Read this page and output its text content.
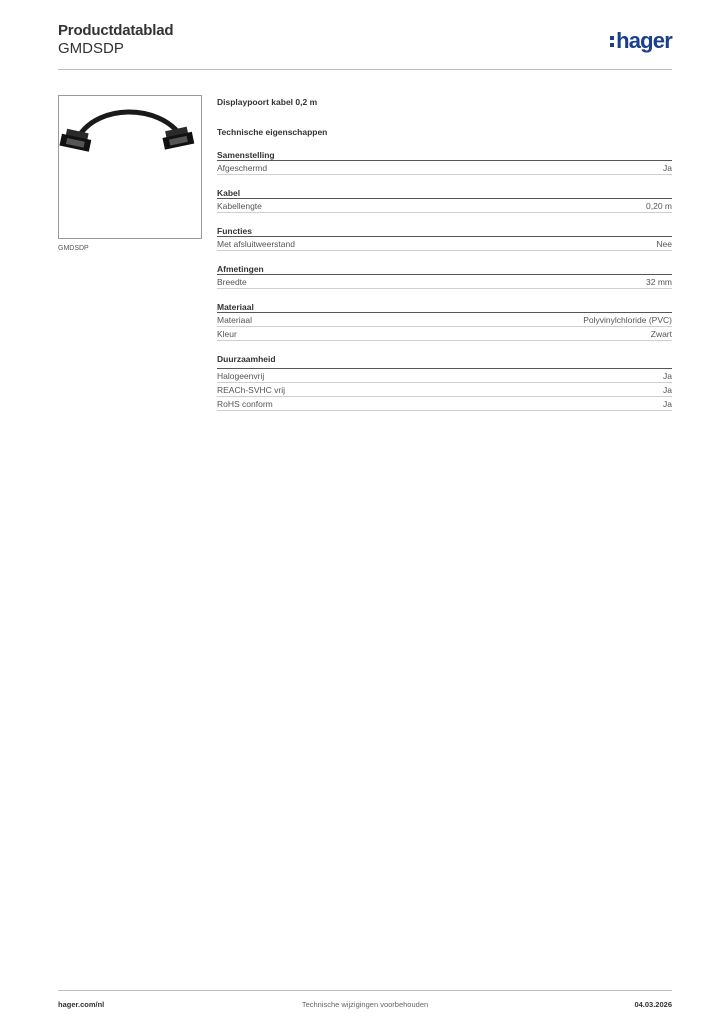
Productdatablad
GMDSDP	hager
GMDSDP
Displaypoort kabel 0,2 m
Technische eigenschappen
Samenstelling
Afgeschermd	Ja
Kabel
Kabellengte	0,20 m
Functies
Met afsluitweerstand	Nee
Afmetingen
Breedte	32 mm
Materiaal
Materiaal	Polyvinylchloride (PVC)
Kleur	Zwart
Duurzaamheid
Halogeenvrij	Ja
REACh-SVHC vrij	Ja
RoHS conform	Ja
Technische wijzigingen voorbehouden
hager.com/nl	04.03.2026
